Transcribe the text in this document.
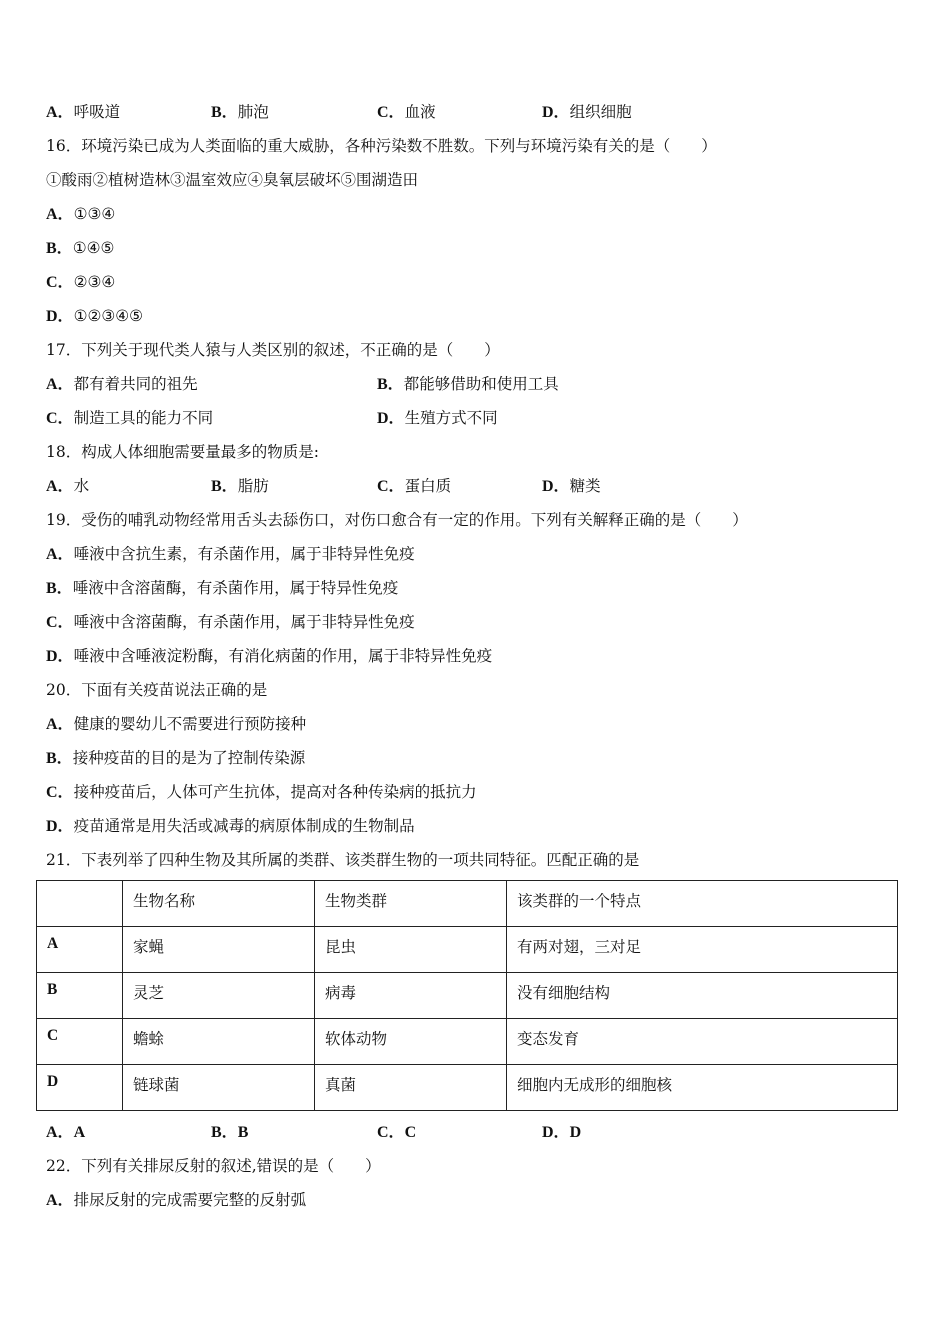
A．呼吸道	B．肺泡	C．血液	D．组织细胞
16．环境污染已成为人类面临的重大威胁，各种污染数不胜数。下列与环境污染有关的是（　　）
①酸雨②植树造林③温室效应④臭氧层破坏⑤围湖造田
A．①③④
B．①④⑤
C．②③④
D．①②③④⑤
17．下列关于现代类人猿与人类区别的叙述，不正确的是（　　）
A．都有着共同的祖先	B．都能够借助和使用工具
C．制造工具的能力不同	D．生殖方式不同
18．构成人体细胞需要量最多的物质是:
A．水	B．脂肪	C．蛋白质	D．糖类
19．受伤的哺乳动物经常用舌头去舔伤口，对伤口愈合有一定的作用。下列有关解释正确的是（　　）
A．唾液中含抗生素，有杀菌作用，属于非特异性免疫
B．唾液中含溶菌酶，有杀菌作用，属于特异性免疫
C．唾液中含溶菌酶，有杀菌作用，属于非特异性免疫
D．唾液中含唾液淀粉酶，有消化病菌的作用，属于非特异性免疫
20．下面有关疫苗说法正确的是
A．健康的婴幼儿不需要进行预防接种
B．接种疫苗的目的是为了控制传染源
C．接种疫苗后，人体可产生抗体，提高对各种传染病的抵抗力
D．疫苗通常是用失活或减毒的病原体制成的生物制品
21．下表列举了四种生物及其所属的类群、该类群生物的一项共同特征。匹配正确的是
	生物名称	生物类群	该类群的一个特点
A	家蝇	昆虫	有两对翅，三对足
B	灵芝	病毒	没有细胞结构
C	蟾蜍	软体动物	变态发育
D	链球菌	真菌	细胞内无成形的细胞核
A．A	B．B	C．C	D．D
22．下列有关排尿反射的叙述,错误的是（　　）
A．排尿反射的完成需要完整的反射弧
